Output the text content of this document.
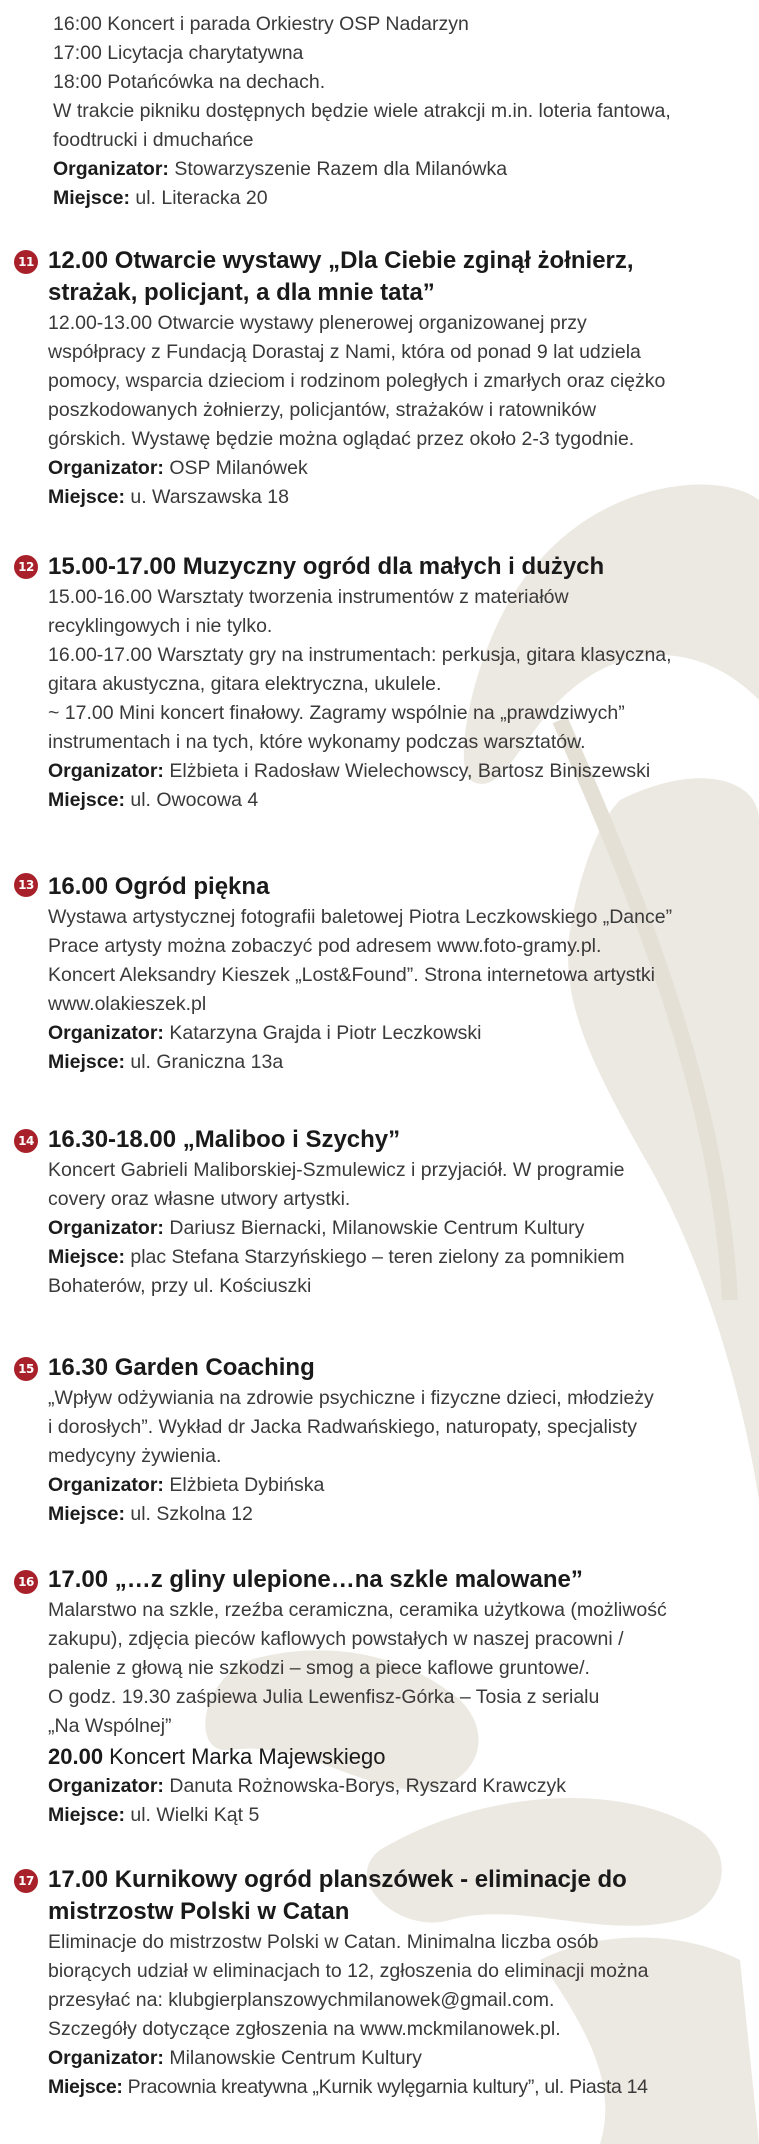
16:00 Koncert i parada Orkiestry OSP Nadarzyn

17:00 Licytacja charytatywna

18:00 Potańcówka na dechach.

W trakcie pikniku dostępnych będzie wiele atrakcji m.in. loteria fantowa,

foodtrucki i dmuchańce

Organizator: Stowarzyszenie Razem dla Milanówka

Miejsce: ul. Literacka 20

11 12.00 Otwarcie wystawy „Dla Ciebie zginął żołnierz,

strażak, policjant, a dla mnie tata”

12.00-13.00 Otwarcie wystawy plenerowej organizowanej przy

współpracy z Fundacją Dorastaj z Nami, która od ponad 9 lat udziela

pomocy, wsparcia dzieciom i rodzinom poległych i zmarłych oraz ciężko

poszkodowanych żołnierzy, policjantów, strażaków i ratowników

górskich. Wystawę będzie można oglądać przez około 2-3 tygodnie.

Organizator: OSP Milanówek

Miejsce: u. Warszawska 18

12 15.00-17.00 Muzyczny ogród dla małych i dużych

15.00-16.00 Warsztaty tworzenia instrumentów z materiałów

recyklingowych i nie tylko.

16.00-17.00 Warsztaty gry na instrumentach: perkusja, gitara klasyczna,

gitara akustyczna, gitara elektryczna, ukulele.

~ 17.00 Mini koncert finałowy. Zagramy wspólnie na „prawdziwych”

instrumentach i na tych, które wykonamy podczas warsztatów.

Organizator: Elżbieta i Radosław Wielechowscy, Bartosz Biniszewski

Miejsce: ul. Owocowa 4

13 16.00 Ogród piękna

Wystawa artystycznej fotografii baletowej Piotra Leczkowskiego „Dance”

Prace artysty można zobaczyć pod adresem www.foto-gramy.pl.

Koncert Aleksandry Kieszek „Lost&Found”. Strona internetowa artystki

www.olakieszek.pl

Organizator: Katarzyna Grajda i Piotr Leczkowski

Miejsce: ul. Graniczna 13a

14 16.30-18.00 „Maliboo i Szychy”

Koncert Gabrieli Maliborskiej-Szmulewicz i przyjaciół. W programie

covery oraz własne utwory artystki.

Organizator: Dariusz Biernacki, Milanowskie Centrum Kultury

Miejsce: plac Stefana Starzyńskiego – teren zielony za pomnikiem

Bohaterów, przy ul. Kościuszki

15 16.30 Garden Coaching

„Wpływ odżywiania na zdrowie psychiczne i fizyczne dzieci, młodzieży

i dorosłych”. Wykład dr Jacka Radwańskiego, naturopaty, specjalisty

medycyny żywienia.

Organizator: Elżbieta Dybińska

Miejsce: ul. Szkolna 12

16 17.00 „…z gliny ulepione…na szkle malowane”

Malarstwo na szkle, rzeźba ceramiczna, ceramika użytkowa (możliwość

zakupu), zdjęcia pieców kaflowych powstałych w naszej pracowni /

palenie z głową nie szkodzi – smog a piece kaflowe gruntowe/.

O godz. 19.30 zaśpiewa Julia Lewenfisz-Górka – Tosia z serialu

„Na Wspólnej”

20.00 Koncert Marka Majewskiego

Organizator: Danuta Rożnowska-Borys, Ryszard Krawczyk

Miejsce: ul. Wielki Kąt 5

17 17.00 Kurnikowy ogród planszówek - eliminacje do

mistrzostw Polski w Catan

Eliminacje do mistrzostw Polski w Catan. Minimalna liczba osób

biorących udział w eliminacjach to 12, zgłoszenia do eliminacji można

przesyłać na: klubgierplanszowychmilanowek@gmail.com.

Szczegóły dotyczące zgłoszenia na www.mckmilanowek.pl.

Organizator: Milanowskie Centrum Kultury

Miejsce: Pracownia kreatywna „Kurnik wylęgarnia kultury”, ul. Piasta 14
